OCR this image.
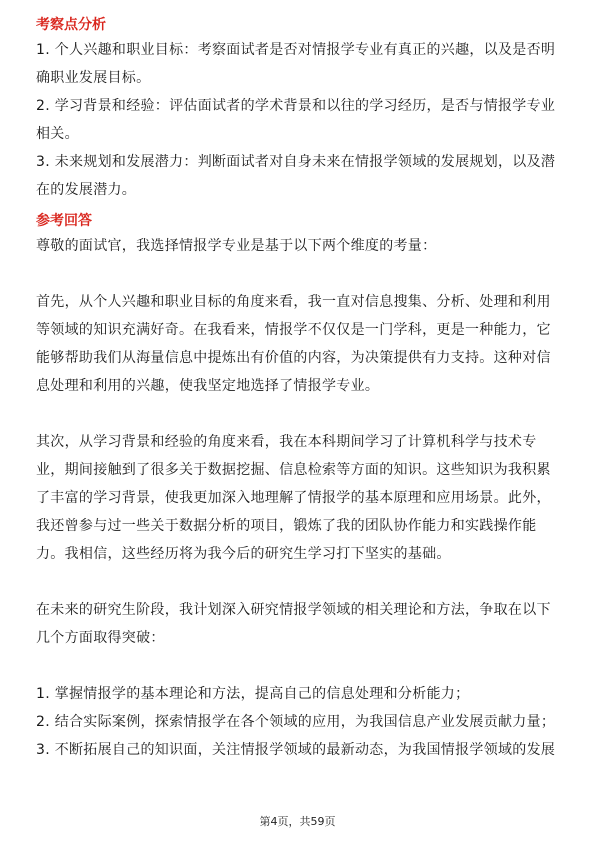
考察点分析
1. 个人兴趣和职业目标：考察面试者是否对情报学专业有真正的兴趣，以及是否明
确职业发展目标。
2. 学习背景和经验：评估面试者的学术背景和以往的学习经历，是否与情报学专业
相关。
3. 未来规划和发展潜力：判断面试者对自身未来在情报学领域的发展规划，以及潜
在的发展潜力。
参考回答
尊敬的面试官，我选择情报学专业是基于以下两个维度的考量：
首先，从个人兴趣和职业目标的角度来看，我一直对信息搜集、分析、处理和利用
等领域的知识充满好奇。在我看来，情报学不仅仅是一门学科，更是一种能力，它
能够帮助我们从海量信息中提炼出有价值的内容，为决策提供有力支持。这种对信
息处理和利用的兴趣，使我坚定地选择了情报学专业。
其次，从学习背景和经验的角度来看，我在本科期间学习了计算机科学与技术专
业，期间接触到了很多关于数据挖掘、信息检索等方面的知识。这些知识为我积累
了丰富的学习背景，使我更加深入地理解了情报学的基本原理和应用场景。此外，
我还曾参与过一些关于数据分析的项目，锻炼了我的团队协作能力和实践操作能
力。我相信，这些经历将为我今后的研究生学习打下坚实的基础。
在未来的研究生阶段，我计划深入研究情报学领域的相关理论和方法，争取在以下
几个方面取得突破：
1. 掌握情报学的基本理论和方法，提高自己的信息处理和分析能力；
2. 结合实际案例，探索情报学在各个领域的应用，为我国信息产业发展贡献力量；
3. 不断拓展自己的知识面，关注情报学领域的最新动态，为我国情报学领域的发展
第4页，共59页
